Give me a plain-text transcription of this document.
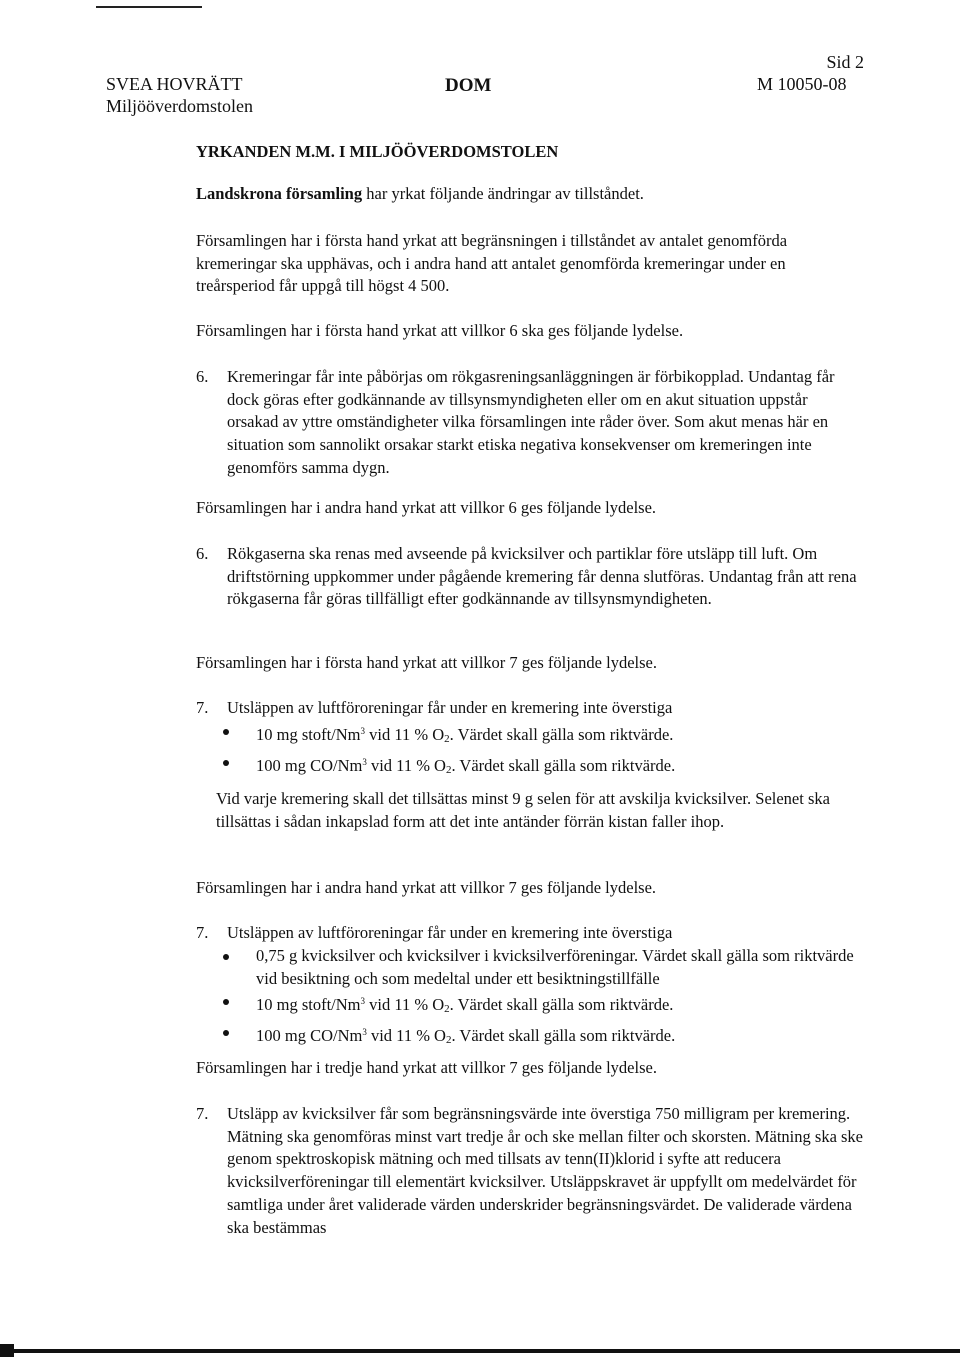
SVEA HOVRÄTT
Miljööverdomstolen
DOM
Sid 2
M 10050-08
YRKANDEN M.M. I MILJÖÖVERDOMSTOLEN
Landskrona församling har yrkat följande ändringar av tillståndet.
Församlingen har i första hand yrkat att begränsningen i tillståndet av antalet genomförda kremeringar ska upphävas, och i andra hand att antalet genomförda kremeringar under en treårsperiod får uppgå till högst 4 500.
Församlingen har i första hand yrkat att villkor 6 ska ges följande lydelse.
6. Kremeringar får inte påbörjas om rökgasreningsanläggningen är förbikopplad. Undantag får dock göras efter godkännande av tillsynsmyndigheten eller om en akut situation uppstår orsakad av yttre omständigheter vilka församlingen inte råder över. Som akut menas här en situation som sannolikt orsakar starkt etiska negativa konsekvenser om kremeringen inte genomförs samma dygn.
Församlingen har i andra hand yrkat att villkor 6 ges följande lydelse.
6. Rökgaserna ska renas med avseende på kvicksilver och partiklar före utsläpp till luft. Om driftstörning uppkommer under pågående kremering får denna slutföras. Undantag från att rena rökgaserna får göras tillfälligt efter godkännande av tillsynsmyndigheten.
Församlingen har i första hand yrkat att villkor 7 ges följande lydelse.
7. Utsläppen av luftföroreningar får under en kremering inte överstiga
10 mg stoft/Nm$^3$ vid 11 % $O_2$. Värdet skall gälla som riktvärde.
100 mg CO/Nm$^3$ vid 11 % $O_2$. Värdet skall gälla som riktvärde.
Vid varje kremering skall det tillsättas minst 9 g selen för att avskilja kvicksilver. Selenet ska tillsättas i sådan inkapslad form att det inte antänder förrän kistan faller ihop.
Församlingen har i andra hand yrkat att villkor 7 ges följande lydelse.
7. Utsläppen av luftföroreningar får under en kremering inte överstiga
0,75 g kvicksilver och kvicksilver i kvicksilverföreningar. Värdet skall gälla som riktvärde vid besiktning och som medeltal under ett besiktningstillfälle
10 mg stoft/Nm$^3$ vid 11 % $O_2$. Värdet skall gälla som riktvärde.
100 mg CO/Nm$^3$ vid 11 % $O_2$. Värdet skall gälla som riktvärde.
Församlingen har i tredje hand yrkat att villkor 7 ges följande lydelse.
7. Utsläpp av kvicksilver får som begränsningsvärde inte överstiga 750 milligram per kremering. Mätning ska genomföras minst vart tredje år och ske mellan filter och skorsten. Mätning ska ske genom spektroskopisk mätning och med tillsats av tenn(II)klorid i syfte att reducera kvicksilverföreningar till elementärt kvicksilver. Utsläppskravet är uppfyllt om medelvärdet för samtliga under året validerade värden underskrider begränsningsvärdet. De validerade värdena ska bestämmas
